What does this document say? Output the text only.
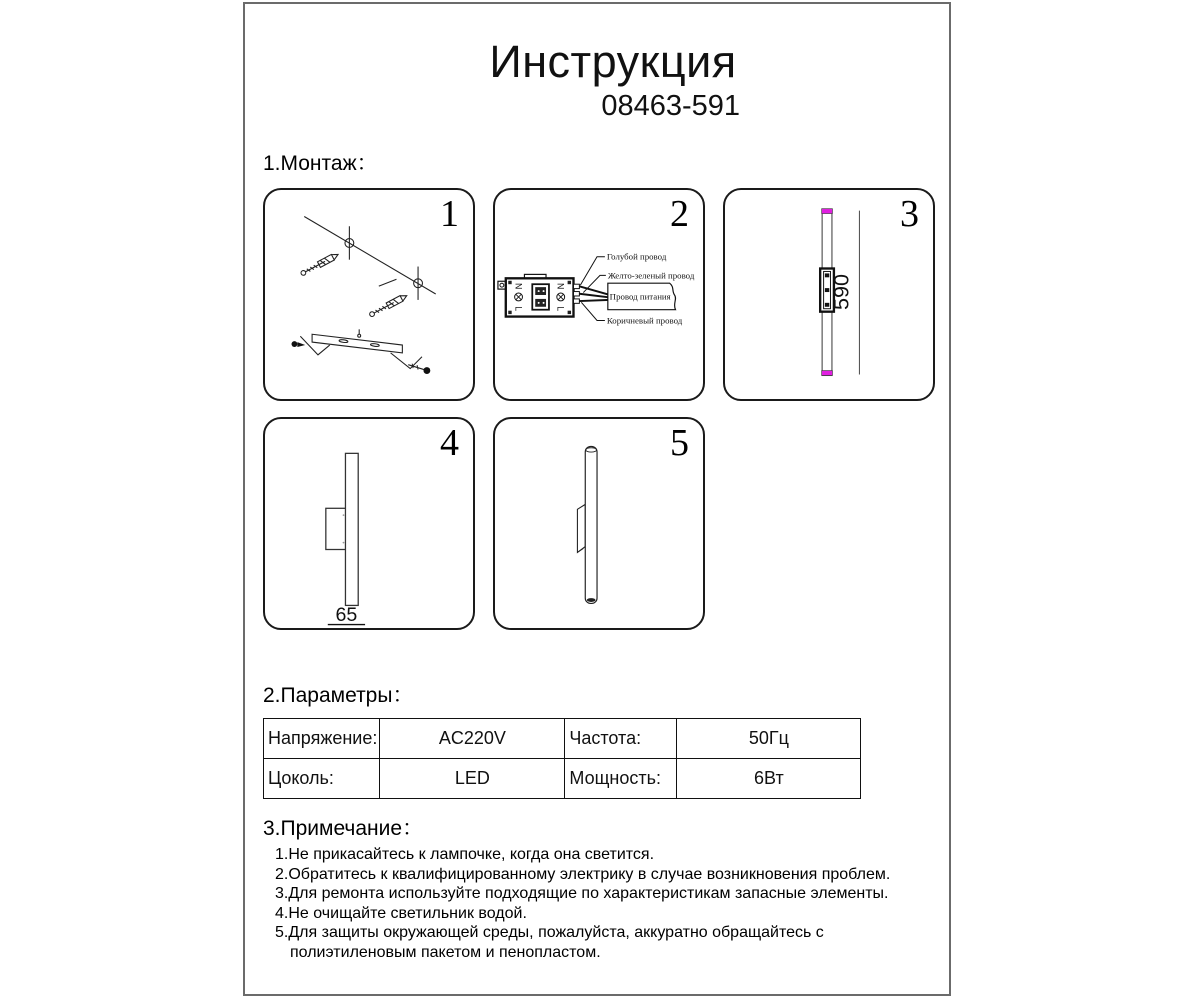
Инструкция
08463-591
1.Монтаж：
1
N
L
N
L
Провод питания
Голубой провод
Желто-зеленый провод
Коричневый провод
2
590
3
65
4	5
2.Параметры：
Напряжение:	AC220V	Частота:	50Гц
Цоколь:	LED	Мощность:	6Вт
3.Примечание：
1.Не прикасайтесь к лампочке, когда она светится.
2.Обратитесь к квалифицированному электрику в случае возникновения проблем.
3.Для ремонта используйте подходящие по характеристикам запасные элементы.
4.Не очищайте светильник водой.
5.Для защиты окружающей среды, пожалуйста, аккуратно обращайтесь с полиэтиленовым пакетом и пенопластом.
